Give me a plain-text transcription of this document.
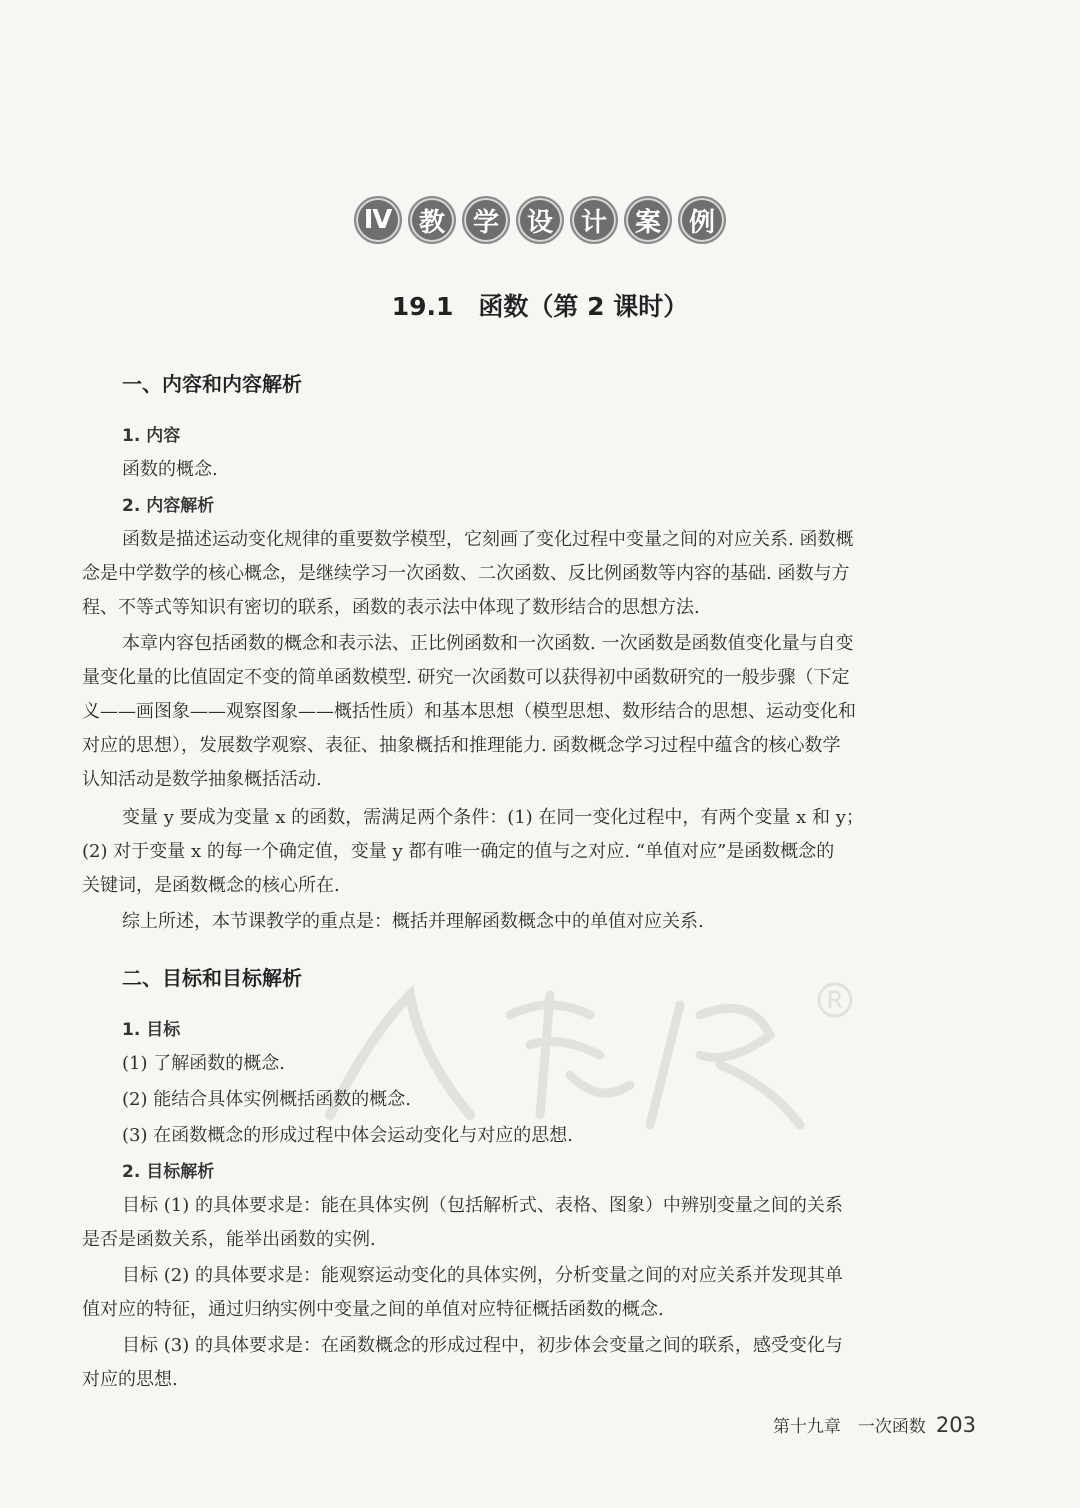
Ⅳ	教	学	设	计	案	例
19.1　函数（第 2 课时）
一、内容和内容解析
1. 内容
函数的概念.
2. 内容解析
函数是描述运动变化规律的重要数学模型，它刻画了变化过程中变量之间的对应关系. 函数概
念是中学数学的核心概念，是继续学习一次函数、二次函数、反比例函数等内容的基础. 函数与方
程、不等式等知识有密切的联系，函数的表示法中体现了数形结合的思想方法.
本章内容包括函数的概念和表示法、正比例函数和一次函数. 一次函数是函数值变化量与自变
量变化量的比值固定不变的简单函数模型. 研究一次函数可以获得初中函数研究的一般步骤（下定
义——画图象——观察图象——概括性质）和基本思想（模型思想、数形结合的思想、运动变化和
对应的思想），发展数学观察、表征、抽象概括和推理能力. 函数概念学习过程中蕴含的核心数学
认知活动是数学抽象概括活动.
变量 y 要成为变量 x 的函数，需满足两个条件：(1) 在同一变化过程中，有两个变量 x 和 y；
(2) 对于变量 x 的每一个确定值，变量 y 都有唯一确定的值与之对应. “单值对应”是函数概念的
关键词，是函数概念的核心所在.
综上所述，本节课教学的重点是：概括并理解函数概念中的单值对应关系.
二、目标和目标解析
1. 目标
(1) 了解函数的概念.
(2) 能结合具体实例概括函数的概念.
(3) 在函数概念的形成过程中体会运动变化与对应的思想.
2. 目标解析
目标 (1) 的具体要求是：能在具体实例（包括解析式、表格、图象）中辨别变量之间的关系
是否是函数关系，能举出函数的实例.
目标 (2) 的具体要求是：能观察运动变化的具体实例，分析变量之间的对应关系并发现其单
值对应的特征，通过归纳实例中变量之间的单值对应特征概括函数的概念.
目标 (3) 的具体要求是：在函数概念的形成过程中，初步体会变量之间的联系，感受变化与
对应的思想.
第十九章　一次函数 203
